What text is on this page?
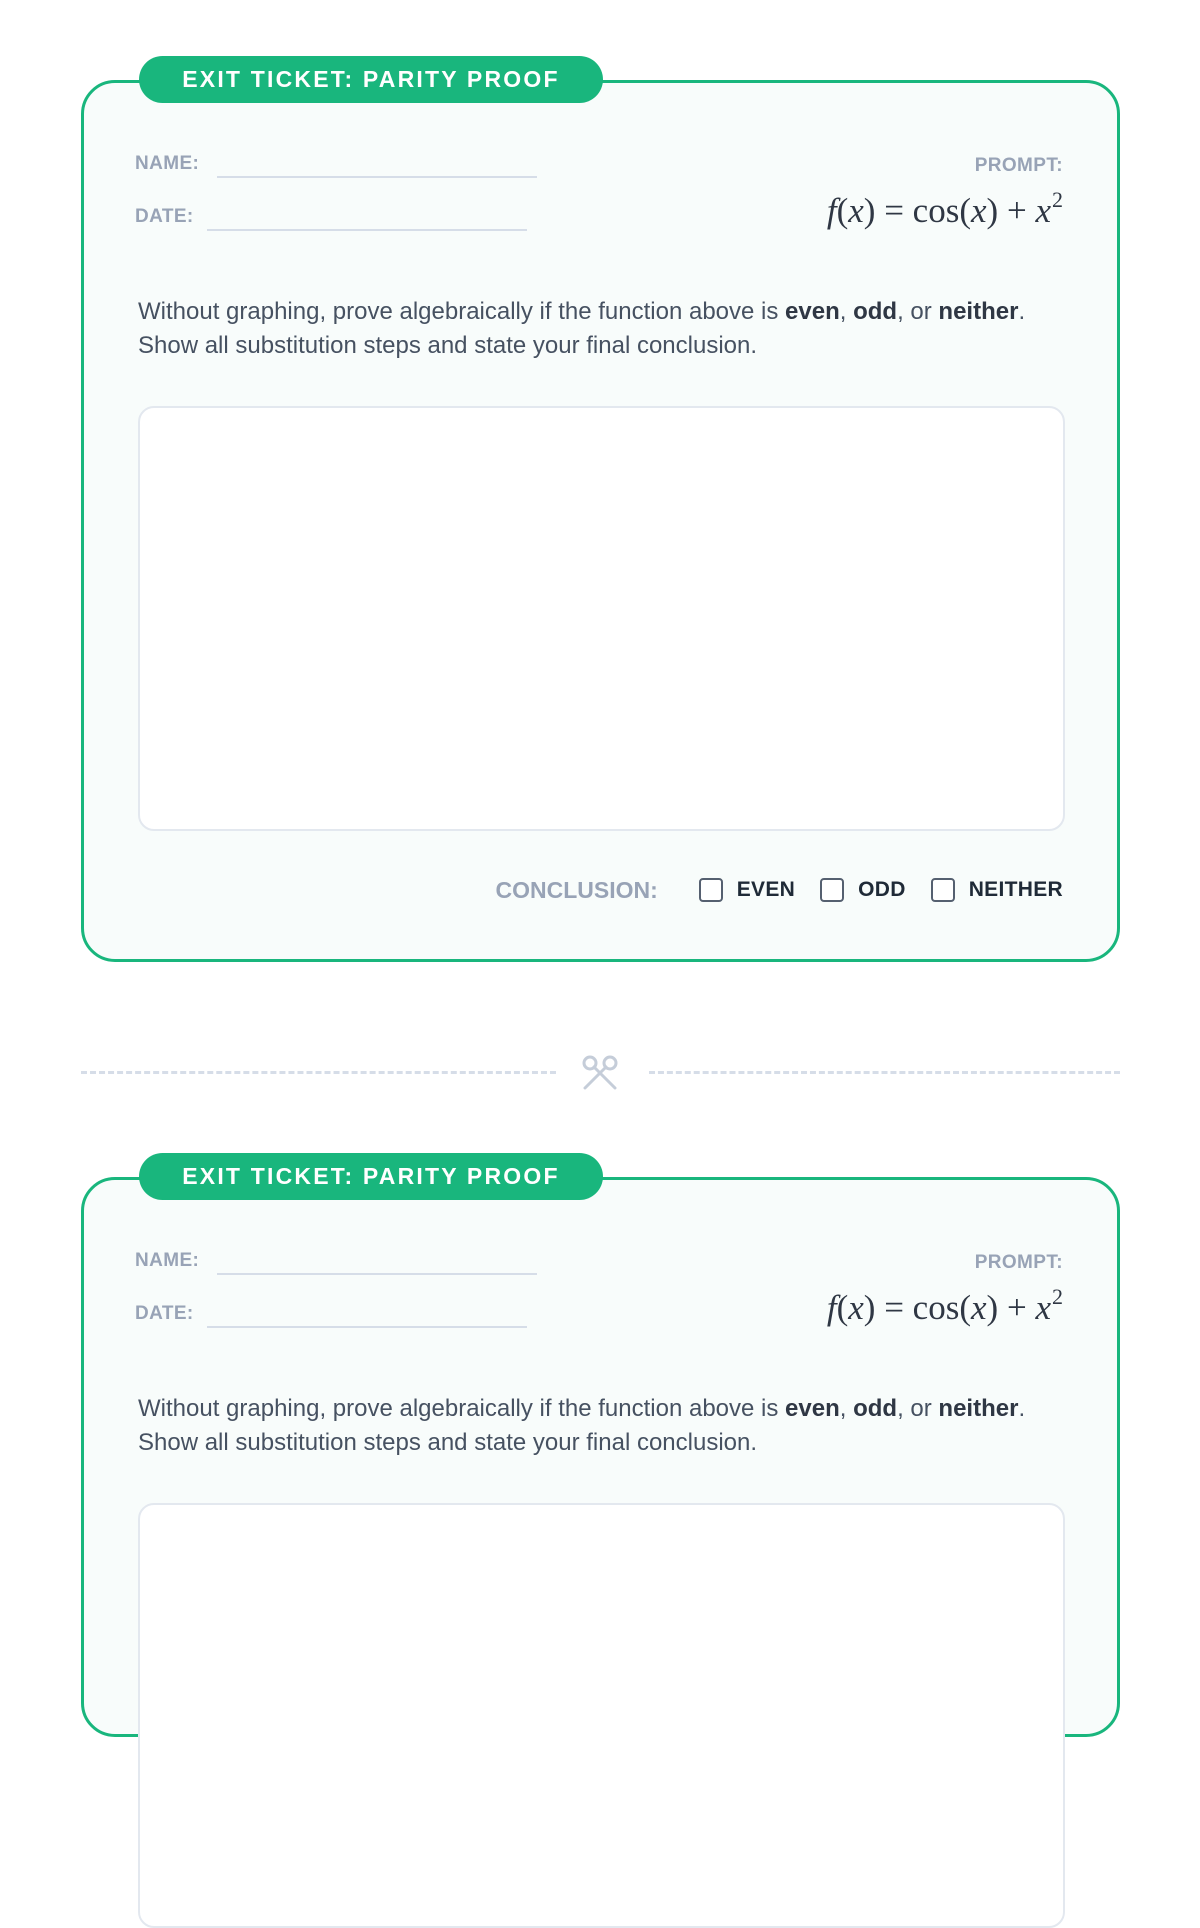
EXIT TICKET: PARITY PROOF
NAME:
DATE:
PROMPT:
$f(x) = \cos(x) + x^2$
Without graphing, prove algebraically if the function above is even, odd, or neither. Show all substitution steps and state your final conclusion.
CONCLUSION:	EVEN	ODD	NEITHER
EXIT TICKET: PARITY PROOF
NAME:
DATE:
PROMPT:
$f(x) = \cos(x) + x^2$
Without graphing, prove algebraically if the function above is even, odd, or neither. Show all substitution steps and state your final conclusion.
